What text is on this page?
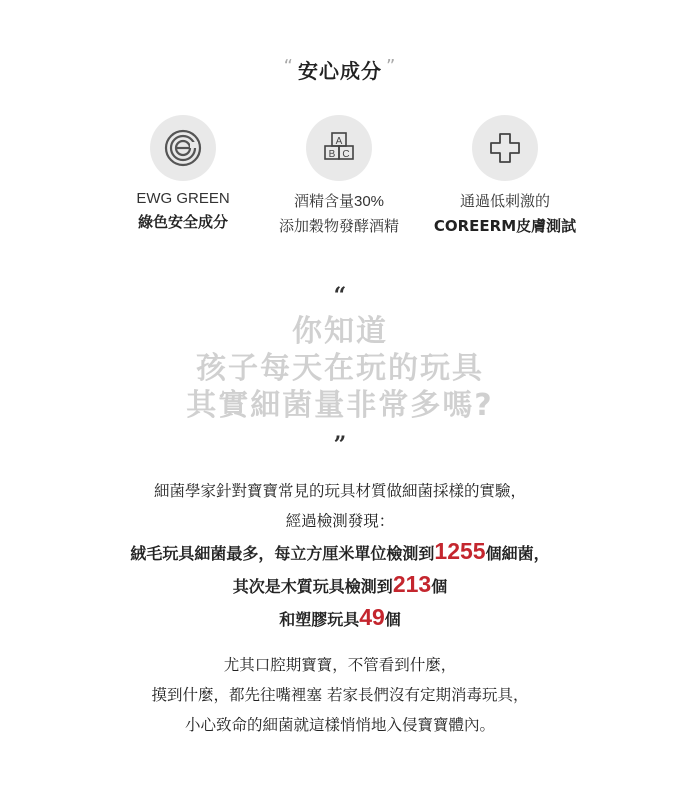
“ 安心成分 ”
EWG GREEN
綠色安全成分
A
B C
酒精含量30%
添加穀物發酵酒精
通過低刺激的
COREERM皮膚測試
“
你知道
孩子每天在玩的玩具
其實細菌量非常多嗎?
”
細菌學家針對寶寶常見的玩具材質做細菌採樣的實驗，
經過檢測發現：
絨毛玩具細菌最多，每立方厘米單位檢測到1255個細菌，
其次是木質玩具檢測到213個
和塑膠玩具49個
尤其口腔期寶寶，不管看到什麼，
摸到什麼，都先往嘴裡塞 若家長們沒有定期消毒玩具，
小心致命的細菌就這樣悄悄地入侵寶寶體內。
